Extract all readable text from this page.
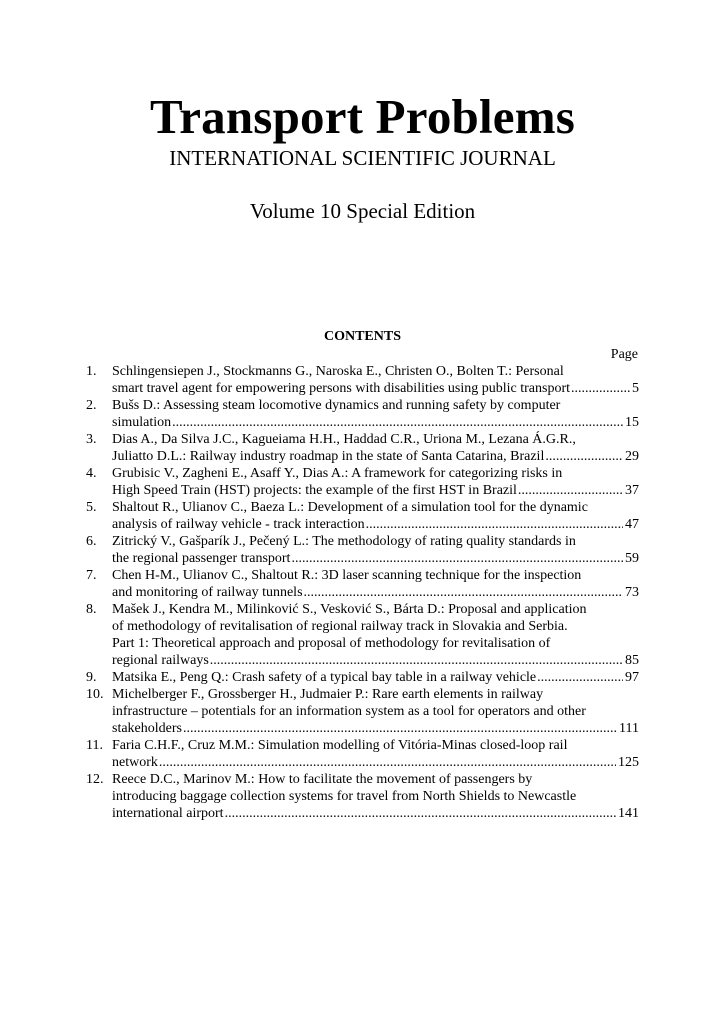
Transport Problems
INTERNATIONAL SCIENTIFIC JOURNAL
Volume 10 Special Edition
CONTENTS
Page
1. Schlingensiepen J., Stockmanns G., Naroska E., Christen O., Bolten T.: Personal
smart travel agent for empowering persons with disabilities using public transport .....	5
2. Bušs D.: Assessing steam locomotive dynamics and running safety by computer
simulation .....	15
3. Dias A., Da Silva J.C., Kagueiama H.H., Haddad C.R., Uriona M., Lezana Á.G.R.,
Juliatto D.L.: Railway industry roadmap in the state of Santa Catarina, Brazil .....	29
4. Grubisic V., Zagheni E., Asaff Y., Dias A.: A framework for categorizing risks in
High Speed Train (HST) projects: the example of the first HST in Brazil .....	37
5. Shaltout R., Ulianov C., Baeza L.: Development of a simulation tool for the dynamic
analysis of railway vehicle - track interaction .....	47
6. Zitrický V., Gašparík J., Pečený L.: The methodology of rating quality standards in
the regional passenger transport .....	59
7. Chen H-M., Ulianov C., Shaltout R.: 3D laser scanning technique for the inspection
and monitoring of railway tunnels .....	73
8. Mašek J., Kendra M., Milinković S., Vesković S., Bárta D.: Proposal and application
of methodology of revitalisation of regional railway track in Slovakia and Serbia.
Part 1: Theoretical approach and proposal of methodology for revitalisation of
regional railways .....	85
9. Matsika E., Peng Q.: Crash safety of a typical bay table in a railway vehicle .....	97
10. Michelberger F., Grossberger H., Judmaier P.: Rare earth elements in railway
infrastructure – potentials for an information system as a tool for operators and other
stakeholders .....	111
11. Faria C.H.F., Cruz M.M.: Simulation modelling of Vitória-Minas closed-loop rail
network .....	125
12. Reece D.C., Marinov M.: How to facilitate the movement of passengers by
introducing baggage collection systems for travel from North Shields to Newcastle
international airport .....	141
